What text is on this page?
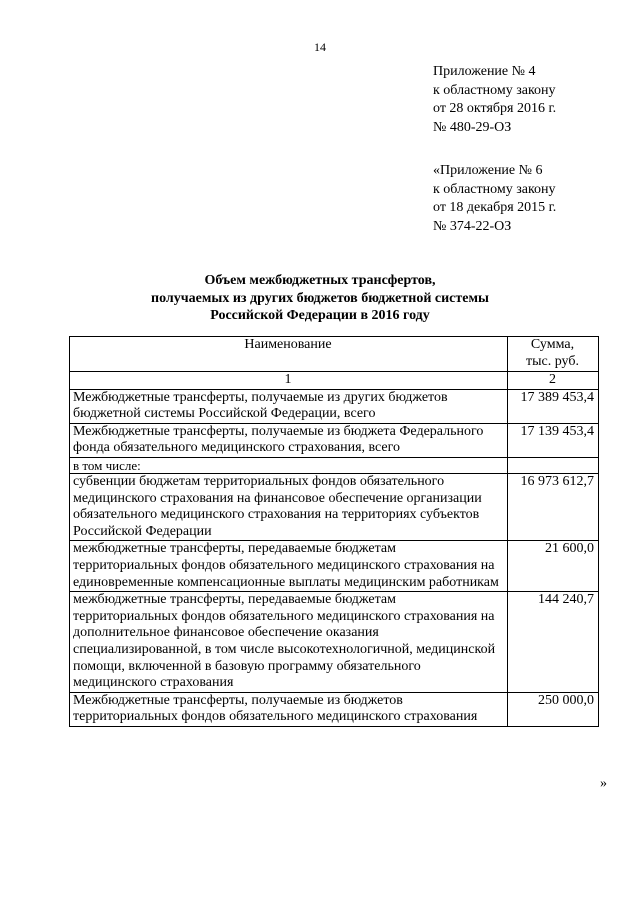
14
Приложение № 4
к областному закону
от 28 октября 2016 г.
№ 480-29-ОЗ
«Приложение № 6
к областному закону
от 18 декабря 2015 г.
№ 374-22-ОЗ
Объем межбюджетных трансфертов,
получаемых из других бюджетов бюджетной системы
Российской Федерации в 2016 году
Наименование	Сумма,
тыс. руб.

1	2
Межбюджетные трансферты, получаемые из других бюджетов бюджетной системы Российской Федерации, всего	17 389 453,4
Межбюджетные трансферты, получаемые из бюджета Федерального фонда обязательного медицинского страхования, всего	17 139 453,4
в том числе:	
субвенции бюджетам территориальных фондов обязательного медицинского страхования на финансовое обеспечение организации обязательного медицинского страхования на территориях субъектов Российской Федерации	16 973 612,7
межбюджетные трансферты, передаваемые бюджетам территориальных фондов обязательного медицинского страхования на единовременные компенсационные выплаты медицинским работникам	21 600,0
межбюджетные трансферты, передаваемые бюджетам территориальных фондов обязательного медицинского страхования на дополнительное финансовое обеспечение оказания специализированной, в том числе высокотехнологичной, медицинской помощи, включенной в базовую программу обязательного медицинского страхования	144 240,7
Межбюджетные трансферты, получаемые из бюджетов территориальных фондов обязательного медицинского страхования	250 000,0
»
